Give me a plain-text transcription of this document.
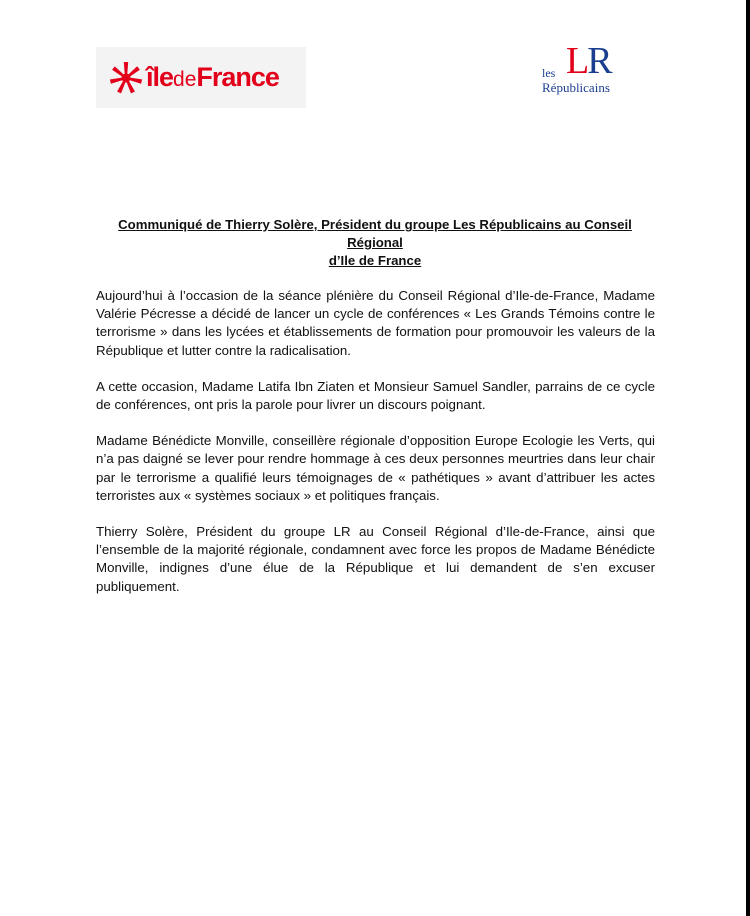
îledeFrance	LR
les
Républicains
Communiqué de Thierry Solère, Président du groupe Les Républicains au Conseil Régional
d’Ile de France

Aujourd’hui à l’occasion de la séance plénière du Conseil Régional d’Ile-de-France, Madame Valérie Pécresse a décidé de lancer un cycle de conférences « Les Grands Témoins contre le terrorisme » dans les lycées et établissements de formation pour promouvoir les valeurs de la République et lutter contre la radicalisation.

A cette occasion, Madame Latifa Ibn Ziaten et Monsieur Samuel Sandler, parrains de ce cycle de conférences, ont pris la parole pour livrer un discours poignant.

Madame Bénédicte Monville, conseillère régionale d’opposition Europe Ecologie les Verts, qui n’a pas daigné se lever pour rendre hommage à ces deux personnes meurtries dans leur chair par le terrorisme a qualifié leurs témoignages de « pathétiques » avant d’attribuer les actes terroristes aux « systèmes sociaux » et politiques français.

Thierry Solère, Président du groupe LR au Conseil Régional d’Ile-de-France, ainsi que l’ensemble de la majorité régionale, condamnent avec force les propos de Madame Bénédicte Monville, indignes d’une élue de la République et lui demandent de s’en excuser publiquement.
